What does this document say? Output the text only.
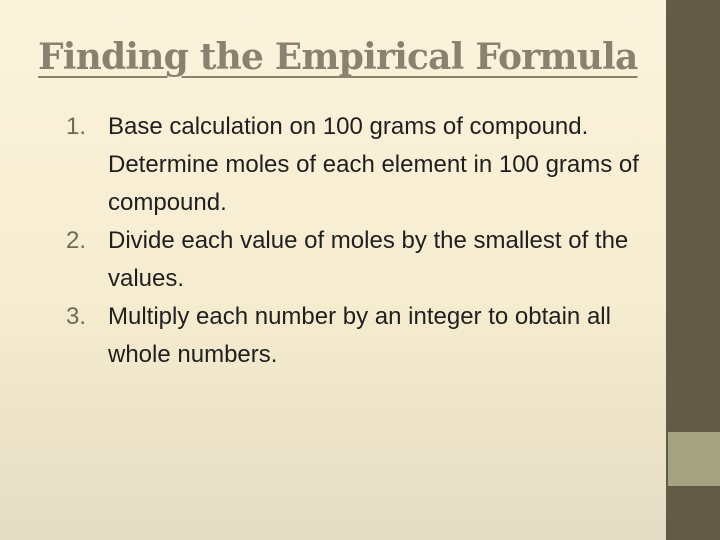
Finding the Empirical Formula
1. Base calculation on 100 grams of compound. Determine moles of each element in 100 grams of compound.
2. Divide each value of moles by the smallest of the values.
3. Multiply each number by an integer to obtain all whole numbers.
